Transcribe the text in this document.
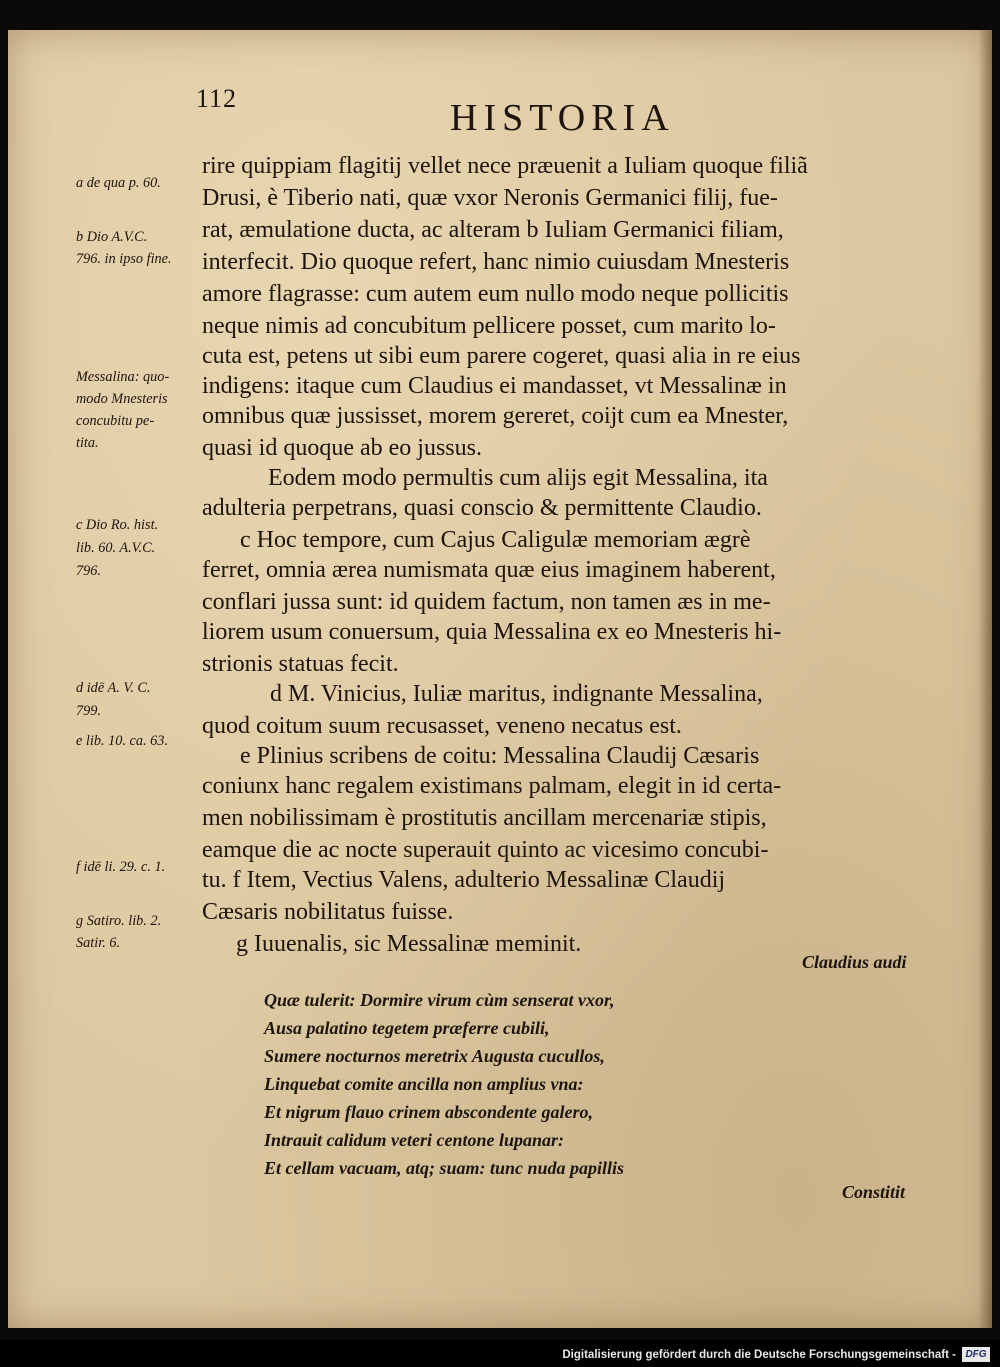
112	HISTORIA
a de qua p. 60.
b Dio A.V.C.
796. in ipso fine.
Messalina: quo-
modo Mnesteris
concubitu pe-
tita.
c Dio Ro. hist.
lib. 60. A.V.C.
796.
d idē A. V. C.
799.
e lib. 10. ca. 63.
f idē li. 29. c. 1.
g Satiro. lib. 2.
Satir. 6.
rire quippiam flagitij vellet nece præuenit a Iuliam quoque filiã
Drusi, è Tiberio nati, quæ vxor Neronis Germanici filij, fue-
rat, æmulatione ducta, ac alteram b Iuliam Germanici filiam,
interfecit. Dio quoque refert, hanc nimio cuiusdam Mnesteris
amore flagrasse: cum autem eum nullo modo neque pollicitis
neque nimis ad concubitum pellicere posset, cum marito lo-
cuta est, petens ut sibi eum parere cogeret, quasi alia in re eius
indigens: itaque cum Claudius ei mandasset, vt Messalinæ in
omnibus quæ jussisset, morem gereret, coijt cum ea Mnester,
quasi id quoque ab eo jussus.
Eodem modo permultis cum alijs egit Messalina, ita
adulteria perpetrans, quasi conscio & permittente Claudio.
c Hoc tempore, cum Cajus Caligulæ memoriam ægrè
ferret, omnia ærea numismata quæ eius imaginem haberent,
conflari jussa sunt: id quidem factum, non tamen æs in me-
liorem usum conuersum, quia Messalina ex eo Mnesteris hi-
strionis statuas fecit.
d M. Vinicius, Iuliæ maritus, indignante Messalina,
quod coitum suum recusasset, veneno necatus est.
e Plinius scribens de coitu: Messalina Claudij Cæsaris
coniunx hanc regalem existimans palmam, elegit in id certa-
men nobilissimam è prostitutis ancillam mercenariæ stipis,
eamque die ac nocte superauit quinto ac vicesimo concubi-
tu. f Item, Vectius Valens, adulterio Messalinæ Claudij
Cæsaris nobilitatus fuisse.
g Iuuenalis, sic Messalinæ meminit.
Claudius audi
Quæ tulerit: Dormire virum cùm senserat vxor,
Ausa palatino tegetem præferre cubili,
Sumere nocturnos meretrix Augusta cucullos,
Linquebat comite ancilla non amplius vna:
Et nigrum flauo crinem abscondente galero,
Intrauit calidum veteri centone lupanar:
Et cellam vacuam, atq; suam: tunc nuda papillis
Constitit
Digitalisierung gefördert durch die Deutsche Forschungsgemeinschaft - DFG
